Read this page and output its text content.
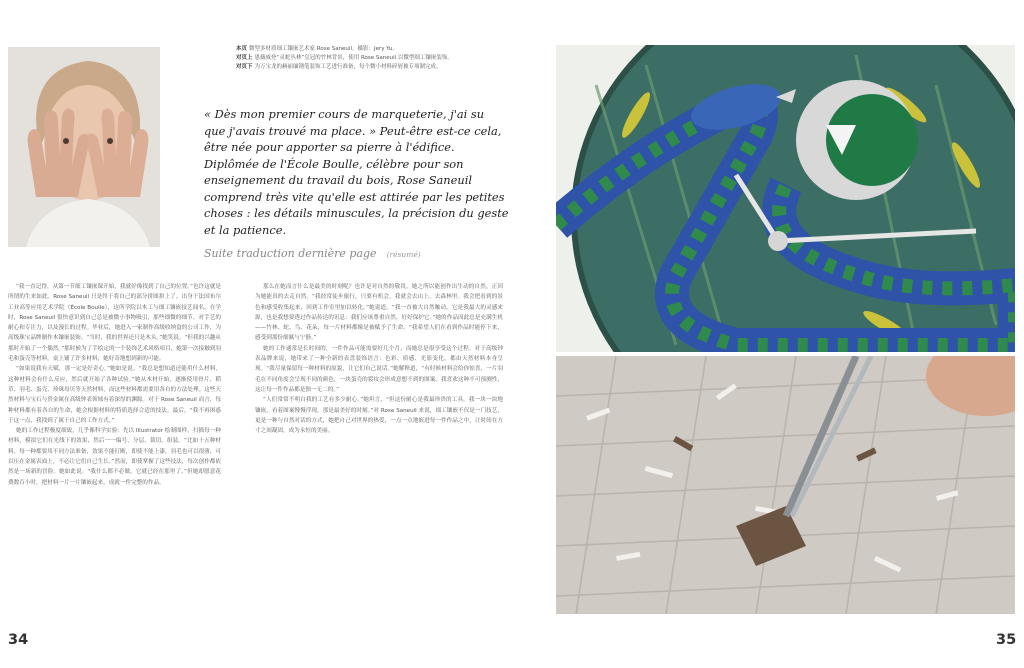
本页 微型多材质细工镶嵌艺术家 Rose Saneuil。摄影：Jery Yu。
对页上 恩薇威登“灵蛇丛林”皇冠的竹林背景，使用 Rose Saneuil 以微型细工镶嵌装饰。
对页下 为万宝龙的赫丽缅钢笔装饰工艺进行准备，每个微小材料碎屑被专项制完成。
« Dès mon premier cours de marqueterie, j'ai su que j'avais trouvé ma place. » Peut-être est-ce cela, être née pour apporter sa pierre à l'édifice. Diplômée de l'École Boulle, célèbre pour son enseignement du travail du bois, Rose Saneuil comprend très vite qu'elle est attirée par les petites choses : les détails minuscules, la précision du geste et la patience.
Suite traduction dernière page (résumé)

“我一直记得，从第一节细工镶嵌课开始，我就好像找到了自己的位置。”也许这就是所谓的生来如此。Rose Saneuil 只是终于将自己的部分拼图拼上了。出身于法国布尔工业高等应用艺术学院（École Boulle），这所学院以木工与细工镶嵌技艺闻名。在学时，Rose Saneuil 很快意识到自己总是被微小事物吸引，那些细微的细节、对手艺的耐心和专注力，以及漫长的过程。毕业后，她进入一家制作高级收纳盒的公司工作，为高级珠宝品牌制作木镶嵌装饰。“当时，我的世界还只是木头。”她笑说。“但我的兴趣从那时开始了一个偶然。”那时候为了手绘定的一个装饰艺术风格项目，她第一次接触到羽毛和蛋壳等材料，桌上铺了许多材料，她好奇地想到新的可能。

“如果说我有天赋，那一定是好奇心。”她如是说。“我总是想知道还能用什么材料，这种材料会有什么反应，然后就开始了各种试验。”她从木材开始，逐渐使用骨片、稻草、羽毛、蛋壳、珍珠母贝等天然材料，而这些材料都需要用各自的方法处理。这些天然材料与宝石与贵金属在高级钟表领域有着深厚的渊源。对于 Rose Saneuil 而言，每种材料都有着各自的生命，她会根据材料的特质选择合适的技法。最后，“我不再困惑于这一点，我找到了属于自己的工作方式。”

她的工作过程极度细致，几乎像科学实验：先以 Illustrator 绘制图样，扫描每一种材料，模拟它们在光线下的效果，然后一一编号、分层、裁切、组装。“比如十五种材料，每一种都要用不同方法准备，效果不能打断，即使不能上漆，羽毛也可以很薄，可以压在金属表面上，不必让它们自己生长。”然而，即使掌握了这些技法，每次创作都依然是一场新的冒险。她如此说：“我什么都不必做，它就已经在那里了。”但她却愿意花费数百小时，把材料一片一片镶嵌起来，成就一件完整的作品。

那么在她而言什么是最美的时刻呢？也许是对自然的敬畏。她之所以能创作出生动的自然，正因为她能真的去走自然。“我经常徒步旅行，只要有机会，我就会去山上、去森林里。我会把看到的景色和感受收集起来，回到工作室里加以转化。”她说道。“我一直被大自然触动，它是我最大的灵感来源，也是我想要透过作品传达的讯息：我们应该尊重自然、好好保护它。”她的作品因此总是充满生机——竹林、蛇、鸟、花朵，每一片材料都像是被赋予了生命。“我希望人们在看到作品时能停下来，感受到那份细腻与宁静。”

她的工作通常是长时间的，一件作品可能需要好几个月，而她总是很享受这个过程。对于高级钟表品牌来说，她带来了一种全新的表盘装饰语言：色彩、质感、光影变化，都由天然材料本身呈现。“我尽量保留每一种材料的原貌，让它们自己说话。”她解释道，“有时候材料会给你惊喜，一片羽毛在不同角度会呈现不同的颜色，一块蛋壳的裂纹会形成意想不到的图案。我喜欢这种不可预测性，这让每一件作品都是独一无二的。”

“人们常常不明白我的工艺有多少耐心。”她坦言，“但这份耐心是我最珍贵的工具。我一块一块地镶嵌，看着图案慢慢浮现，那是最美好的时刻。”对 Rose Saneuil 来说，细工镶嵌不仅是一门技艺，更是一种与自然对话的方式，她把自己对世界的热爱，一点一点地嵌进每一件作品之中，让时间在方寸之间凝固，成为永恒的美丽。

34	35
